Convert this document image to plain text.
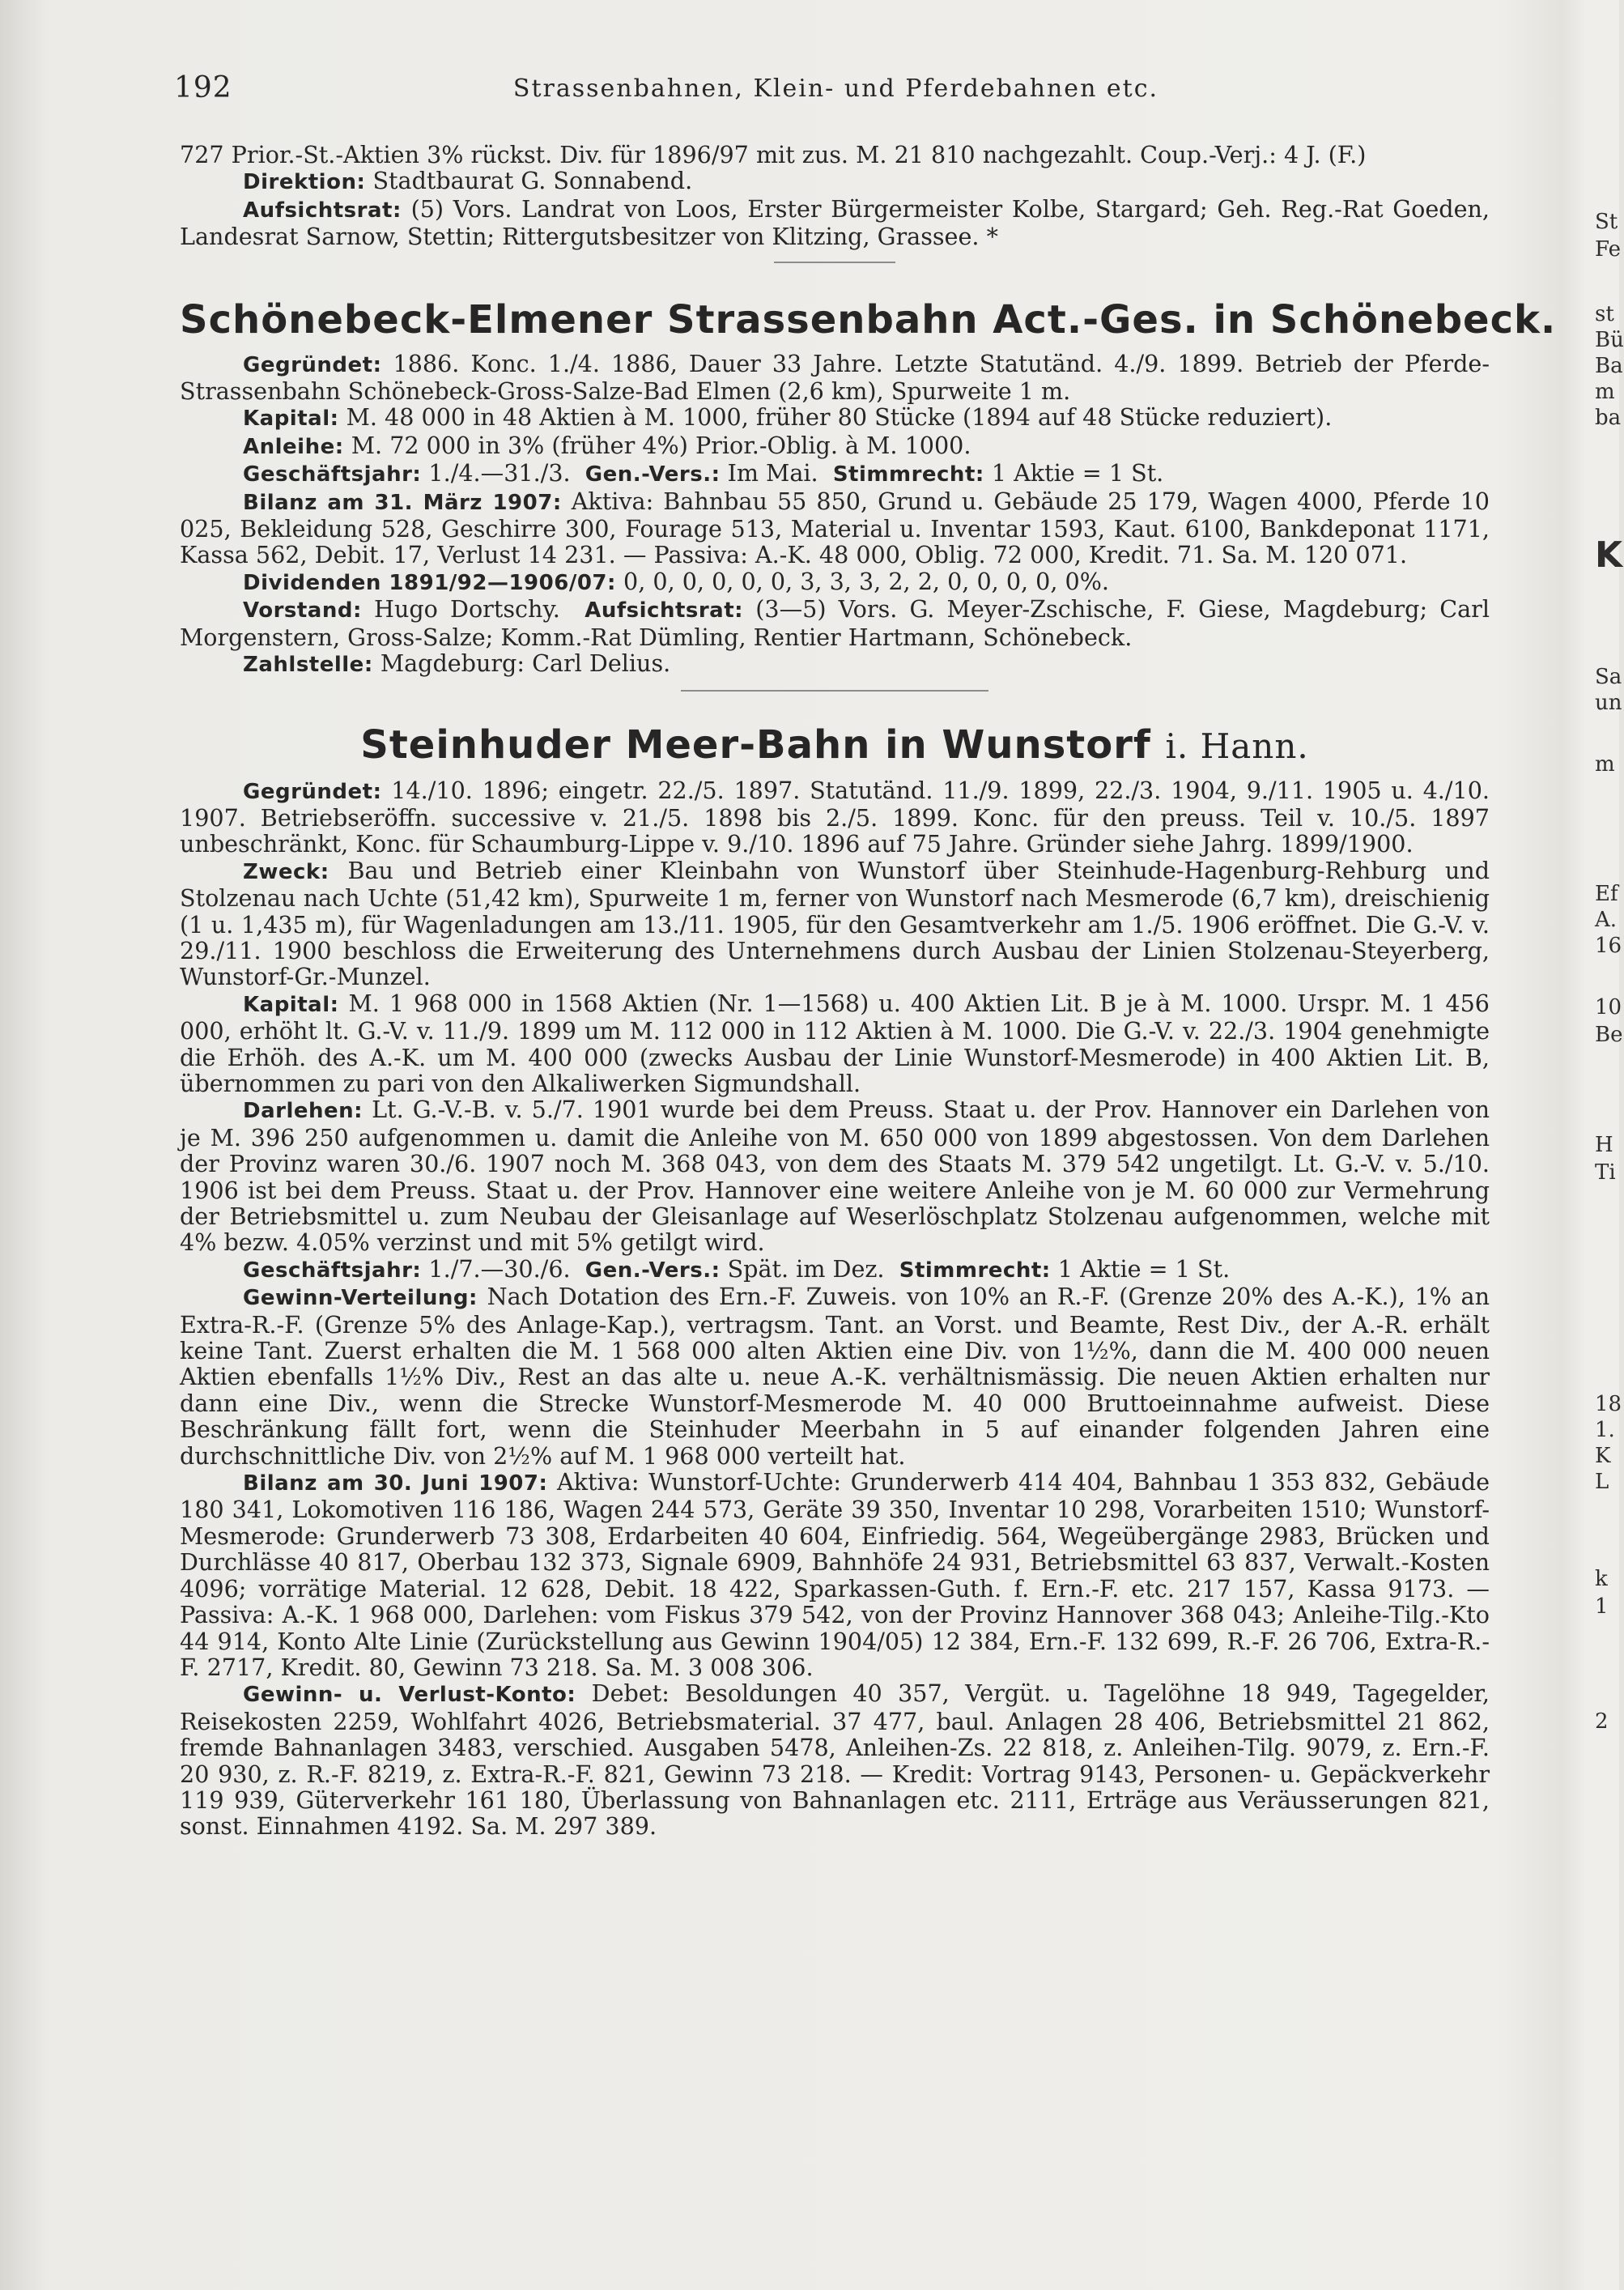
192	Strassenbahnen, Klein- und Pferdebahnen etc.

727 Prior.-St.-Aktien 3% rückst. Div. für 1896/97 mit zus. M. 21 810 nachgezahlt. Coup.-Verj.: 4 J. (F.)

Direktion: Stadtbaurat G. Sonnabend.

Aufsichtsrat: (5) Vors. Landrat von Loos, Erster Bürgermeister Kolbe, Stargard; Geh. Reg.-Rat Goeden, Landesrat Sarnow, Stettin; Rittergutsbesitzer von Klitzing, Grassee. *

Schönebeck-Elmener Strassenbahn Act.-Ges. in Schönebeck.

Gegründet: 1886. Konc. 1./4. 1886, Dauer 33 Jahre. Letzte Statutänd. 4./9. 1899. Betrieb der Pferde-Strassenbahn Schönebeck-Gross-Salze-Bad Elmen (2,6 km), Spurweite 1 m.

Kapital: M. 48 000 in 48 Aktien à M. 1000, früher 80 Stücke (1894 auf 48 Stücke reduziert).

Anleihe: M. 72 000 in 3% (früher 4%) Prior.-Oblig. à M. 1000.

Geschäftsjahr: 1./4.—31./3. Gen.-Vers.: Im Mai. Stimmrecht: 1 Aktie = 1 St.

Bilanz am 31. März 1907: Aktiva: Bahnbau 55 850, Grund u. Gebäude 25 179, Wagen 4000, Pferde 10 025, Bekleidung 528, Geschirre 300, Fourage 513, Material u. Inventar 1593, Kaut. 6100, Bankdeponat 1171, Kassa 562, Debit. 17, Verlust 14 231. — Passiva: A.-K. 48 000, Oblig. 72 000, Kredit. 71. Sa. M. 120 071.

Dividenden 1891/92—1906/07: 0, 0, 0, 0, 0, 0, 3, 3, 3, 2, 2, 0, 0, 0, 0, 0%.

Vorstand: Hugo Dortschy. Aufsichtsrat: (3—5) Vors. G. Meyer-Zschische, F. Giese, Magdeburg; Carl Morgenstern, Gross-Salze; Komm.-Rat Dümling, Rentier Hartmann, Schönebeck.

Zahlstelle: Magdeburg: Carl Delius.

Steinhuder Meer-Bahn in Wunstorf i. Hann.

Gegründet: 14./10. 1896; eingetr. 22./5. 1897. Statutänd. 11./9. 1899, 22./3. 1904, 9./11. 1905 u. 4./10. 1907. Betriebseröffn. successive v. 21./5. 1898 bis 2./5. 1899. Konc. für den preuss. Teil v. 10./5. 1897 unbeschränkt, Konc. für Schaumburg-Lippe v. 9./10. 1896 auf 75 Jahre. Gründer siehe Jahrg. 1899/1900.

Zweck: Bau und Betrieb einer Kleinbahn von Wunstorf über Steinhude-Hagenburg-Rehburg und Stolzenau nach Uchte (51,42 km), Spurweite 1 m, ferner von Wunstorf nach Mesmerode (6,7 km), dreischienig (1 u. 1,435 m), für Wagenladungen am 13./11. 1905, für den Gesamtverkehr am 1./5. 1906 eröffnet. Die G.-V. v. 29./11. 1900 beschloss die Erweiterung des Unternehmens durch Ausbau der Linien Stolzenau-Steyerberg, Wunstorf-Gr.-Munzel.

Kapital: M. 1 968 000 in 1568 Aktien (Nr. 1—1568) u. 400 Aktien Lit. B je à M. 1000. Urspr. M. 1 456 000, erhöht lt. G.-V. v. 11./9. 1899 um M. 112 000 in 112 Aktien à M. 1000. Die G.-V. v. 22./3. 1904 genehmigte die Erhöh. des A.-K. um M. 400 000 (zwecks Ausbau der Linie Wunstorf-Mesmerode) in 400 Aktien Lit. B, übernommen zu pari von den Alkaliwerken Sigmundshall.

Darlehen: Lt. G.-V.-B. v. 5./7. 1901 wurde bei dem Preuss. Staat u. der Prov. Hannover ein Darlehen von je M. 396 250 aufgenommen u. damit die Anleihe von M. 650 000 von 1899 abgestossen. Von dem Darlehen der Provinz waren 30./6. 1907 noch M. 368 043, von dem des Staats M. 379 542 ungetilgt. Lt. G.-V. v. 5./10. 1906 ist bei dem Preuss. Staat u. der Prov. Hannover eine weitere Anleihe von je M. 60 000 zur Vermehrung der Betriebsmittel u. zum Neubau der Gleisanlage auf Weserlöschplatz Stolzenau aufgenommen, welche mit 4% bezw. 4.05% verzinst und mit 5% getilgt wird.

Geschäftsjahr: 1./7.—30./6. Gen.-Vers.: Spät. im Dez. Stimmrecht: 1 Aktie = 1 St.

Gewinn-Verteilung: Nach Dotation des Ern.-F. Zuweis. von 10% an R.-F. (Grenze 20% des A.-K.), 1% an Extra-R.-F. (Grenze 5% des Anlage-Kap.), vertragsm. Tant. an Vorst. und Beamte, Rest Div., der A.-R. erhält keine Tant. Zuerst erhalten die M. 1 568 000 alten Aktien eine Div. von 1½%, dann die M. 400 000 neuen Aktien ebenfalls 1½% Div., Rest an das alte u. neue A.-K. verhältnismässig. Die neuen Aktien erhalten nur dann eine Div., wenn die Strecke Wunstorf-Mesmerode M. 40 000 Bruttoeinnahme aufweist. Diese Beschränkung fällt fort, wenn die Steinhuder Meerbahn in 5 auf einander folgenden Jahren eine durchschnittliche Div. von 2½% auf M. 1 968 000 verteilt hat.

Bilanz am 30. Juni 1907: Aktiva: Wunstorf-Uchte: Grunderwerb 414 404, Bahnbau 1 353 832, Gebäude 180 341, Lokomotiven 116 186, Wagen 244 573, Geräte 39 350, Inventar 10 298, Vorarbeiten 1510; Wunstorf-Mesmerode: Grunderwerb 73 308, Erdarbeiten 40 604, Einfriedig. 564, Wegeübergänge 2983, Brücken und Durchlässe 40 817, Oberbau 132 373, Signale 6909, Bahnhöfe 24 931, Betriebsmittel 63 837, Verwalt.-Kosten 4096; vorrätige Material. 12 628, Debit. 18 422, Sparkassen-Guth. f. Ern.-F. etc. 217 157, Kassa 9173. — Passiva: A.-K. 1 968 000, Darlehen: vom Fiskus 379 542, von der Provinz Hannover 368 043; Anleihe-Tilg.-Kto 44 914, Konto Alte Linie (Zurückstellung aus Gewinn 1904/05) 12 384, Ern.-F. 132 699, R.-F. 26 706, Extra-R.-F. 2717, Kredit. 80, Gewinn 73 218. Sa. M. 3 008 306.

Gewinn- u. Verlust-Konto: Debet: Besoldungen 40 357, Vergüt. u. Tagelöhne 18 949, Tagegelder, Reisekosten 2259, Wohlfahrt 4026, Betriebsmaterial. 37 477, baul. Anlagen 28 406, Betriebsmittel 21 862, fremde Bahnanlagen 3483, verschied. Ausgaben 5478, Anleihen-Zs. 22 818, z. Anleihen-Tilg. 9079, z. Ern.-F. 20 930, z. R.-F. 8219, z. Extra-R.-F. 821, Gewinn 73 218. — Kredit: Vortrag 9143, Personen- u. Gepäckverkehr 119 939, Güterverkehr 161 180, Überlassung von Bahnanlagen etc. 2111, Erträge aus Veräusserungen 821, sonst. Einnahmen 4192. Sa. M. 297 389.

St
Fe
st
Bü
Ba
m
ba
K
Sa
un
m
Ef
A.
16
10
Be
H
Ti
18
1.
K
L
k
1
2
